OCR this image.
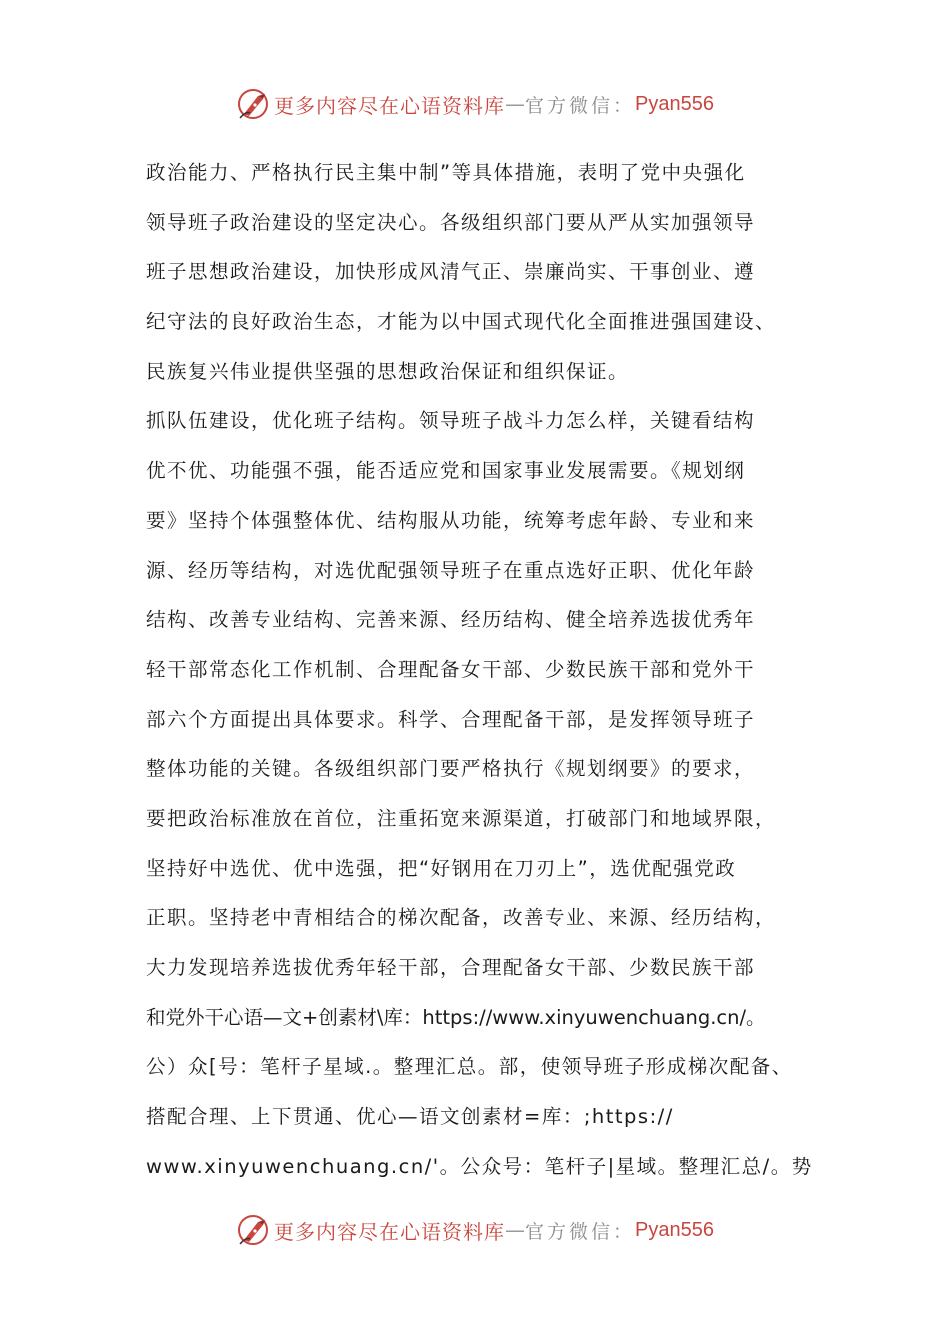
更多内容尽在心语资料库 — 官方微信： Pyan556
政治能力、严格执行民主集中制”等具体措施，表明了党中央强化
领导班子政治建设的坚定决心。各级组织部门要从严从实加强领导
班子思想政治建设，加快形成风清气正、崇廉尚实、干事创业、遵
纪守法的良好政治生态，才能为以中国式现代化全面推进强国建设、
民族复兴伟业提供坚强的思想政治保证和组织保证。
抓队伍建设，优化班子结构。领导班子战斗力怎么样，关键看结构
优不优、功能强不强，能否适应党和国家事业发展需要。《规划纲
要》坚持个体强整体优、结构服从功能，统筹考虑年龄、专业和来
源、经历等结构，对选优配强领导班子在重点选好正职、优化年龄
结构、改善专业结构、完善来源、经历结构、健全培养选拔优秀年
轻干部常态化工作机制、合理配备女干部、少数民族干部和党外干
部六个方面提出具体要求。科学、合理配备干部，是发挥领导班子
整体功能的关键。各级组织部门要严格执行《规划纲要》的要求，
要把政治标准放在首位，注重拓宽来源渠道，打破部门和地域界限，
坚持好中选优、优中选强，把“好钢用在刀刃上”，选优配强党政
正职。坚持老中青相结合的梯次配备，改善专业、来源、经历结构，
大力发现培养选拔优秀年轻干部，合理配备女干部、少数民族干部
和党外干心语—文+创素材\库：https://www.xinyuwenchuang.cn/。
公）众[号：笔杆子星域.。整理汇总。部，使领导班子形成梯次配备、
搭配合理、上下贯通、优心—语文创素材=库：;https://
www.xinyuwenchuang.cn/'。公众号：笔杆子|星域。整理汇总/。势
更多内容尽在心语资料库 — 官方微信： Pyan556
